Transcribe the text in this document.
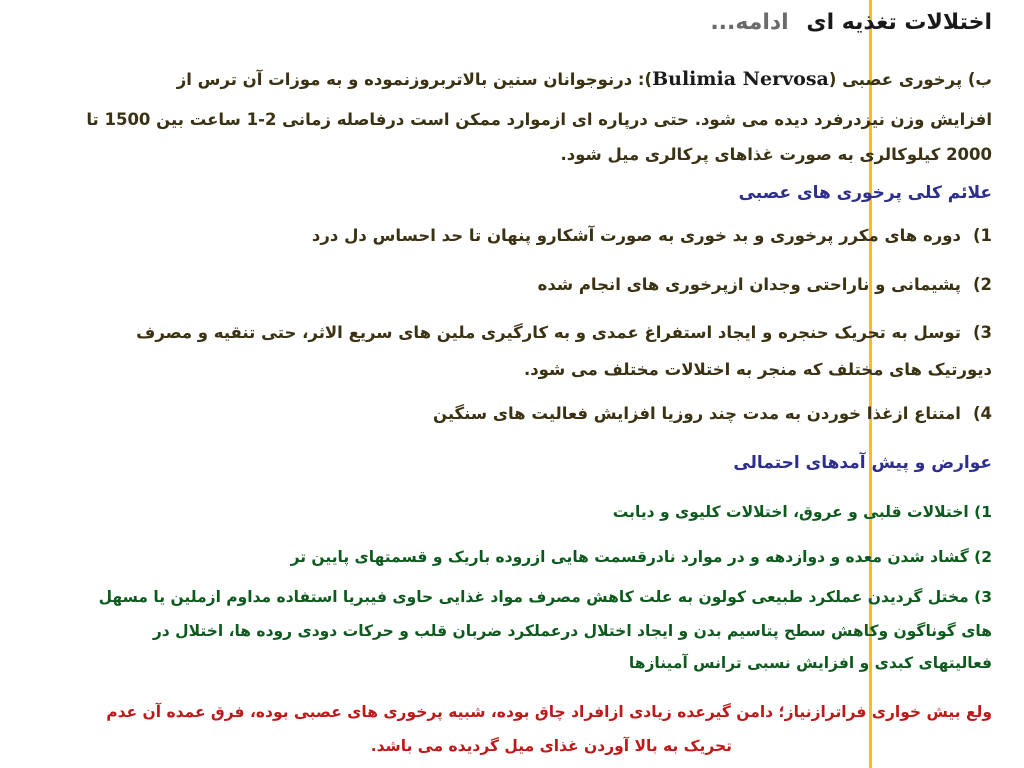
اختلالات تغذیه ای ادامه...
ب) پرخوری عصبی (Bulimia Nervosa): درنوجوانان سنین بالاتربروزنموده و به موزات آن ترس از
افزایش وزن نیزدرفرد دیده می شود. حتی درپاره ای ازموارد ممکن است درفاصله زمانی 2-1 ساعت بین 1500 تا
2000 کیلوکالری به صورت غذاهای پرکالری میل شود.
علائم کلی پرخوری های عصبی
1)دوره های مکرر پرخوری و بد خوری به صورت آشکارو پنهان تا حد احساس دل درد
2)پشیمانی و ناراحتی وجدان ازپرخوری های انجام شده
3)توسل به تحریک حنجره و ایجاد استفراغ عمدی و به کارگیری ملین های سریع الاثر، حتی تنقیه و مصرف
دیورتیک های مختلف که منجر به اختلالات مختلف می شود.
4)امتناع ازغذا خوردن به مدت چند روزیا افزایش فعالیت های سنگین
عوارض و پیش آمدهای احتمالی
1) اختلالات قلبی و عروق، اختلالات کلیوی و دیابت
2) گشاد شدن معده و دوازدهه و در موارد نادرقسمت هایی ازروده باریک و قسمتهای پایین تر
3) مختل گردیدن عملکرد طبیعی کولون به علت کاهش مصرف مواد غذایی حاوی فیبریا استفاده مداوم ازملین یا مسهل
های گوناگون وکاهش سطح پتاسیم بدن و ایجاد اختلال درعملکرد ضربان قلب و حرکات دودی روده ها، اختلال در
فعالیتهای کبدی و افزایش نسبی ترانس آمینازها
ولع بیش خواری فراترازنیاز؛ دامن گیرعده زیادی ازافراد چاق بوده، شبیه پرخوری های عصبی بوده، فرق عمده آن عدم
تحریک به بالا آوردن غذای میل گردیده می باشد.
